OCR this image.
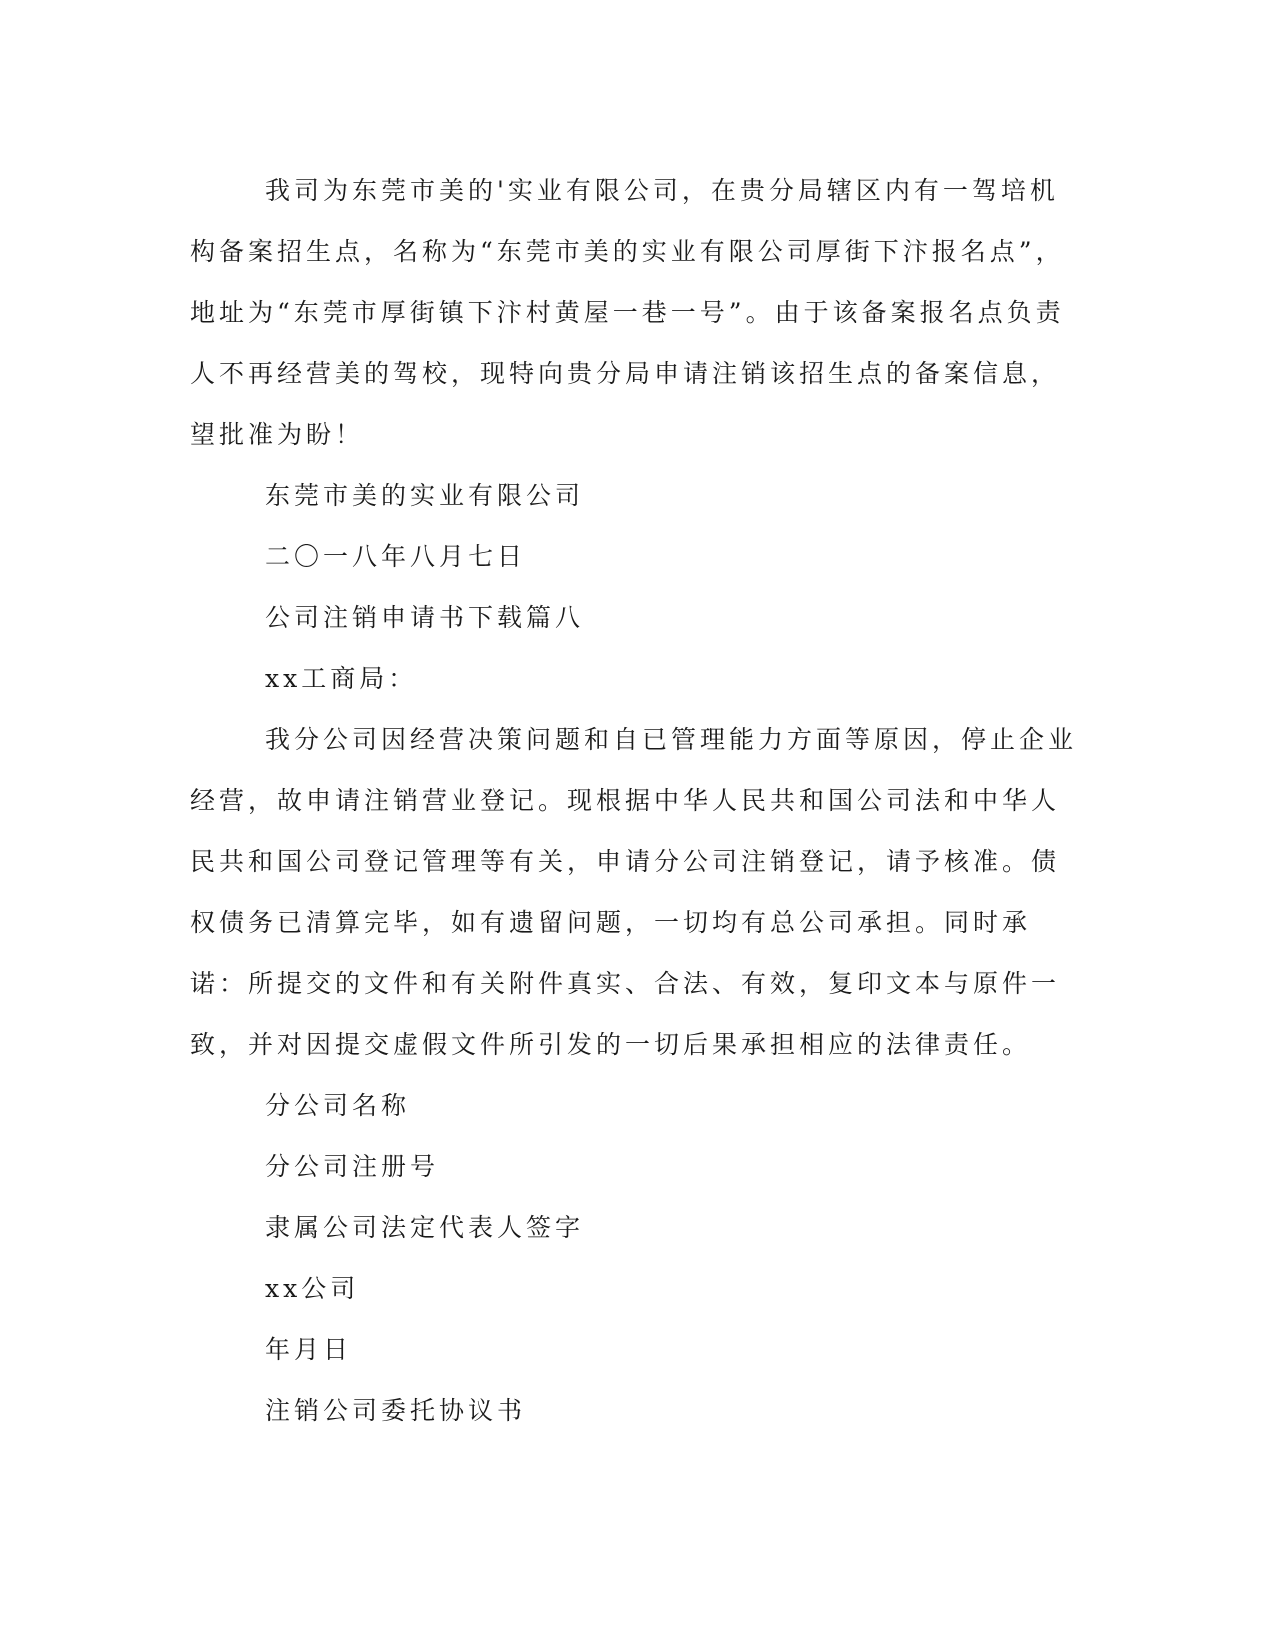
我司为东莞市美的'实业有限公司，在贵分局辖区内有一驾培机构备案招生点，名称为“东莞市美的实业有限公司厚街下汴报名点”，地址为“东莞市厚街镇下汴村黄屋一巷一号”。由于该备案报名点负责人不再经营美的驾校，现特向贵分局申请注销该招生点的备案信息，望批准为盼！

东莞市美的实业有限公司

二〇一八年八月七日

公司注销申请书下载篇八

xx工商局：

我分公司因经营决策问题和自已管理能力方面等原因，停止企业经营，故申请注销营业登记。现根据中华人民共和国公司法和中华人民共和国公司登记管理等有关，申请分公司注销登记，请予核准。债权债务已清算完毕，如有遗留问题，一切均有总公司承担。同时承诺：所提交的文件和有关附件真实、合法、有效，复印文本与原件一致，并对因提交虚假文件所引发的一切后果承担相应的法律责任。

分公司名称

分公司注册号

隶属公司法定代表人签字

xx公司

年月日

注销公司委托协议书
